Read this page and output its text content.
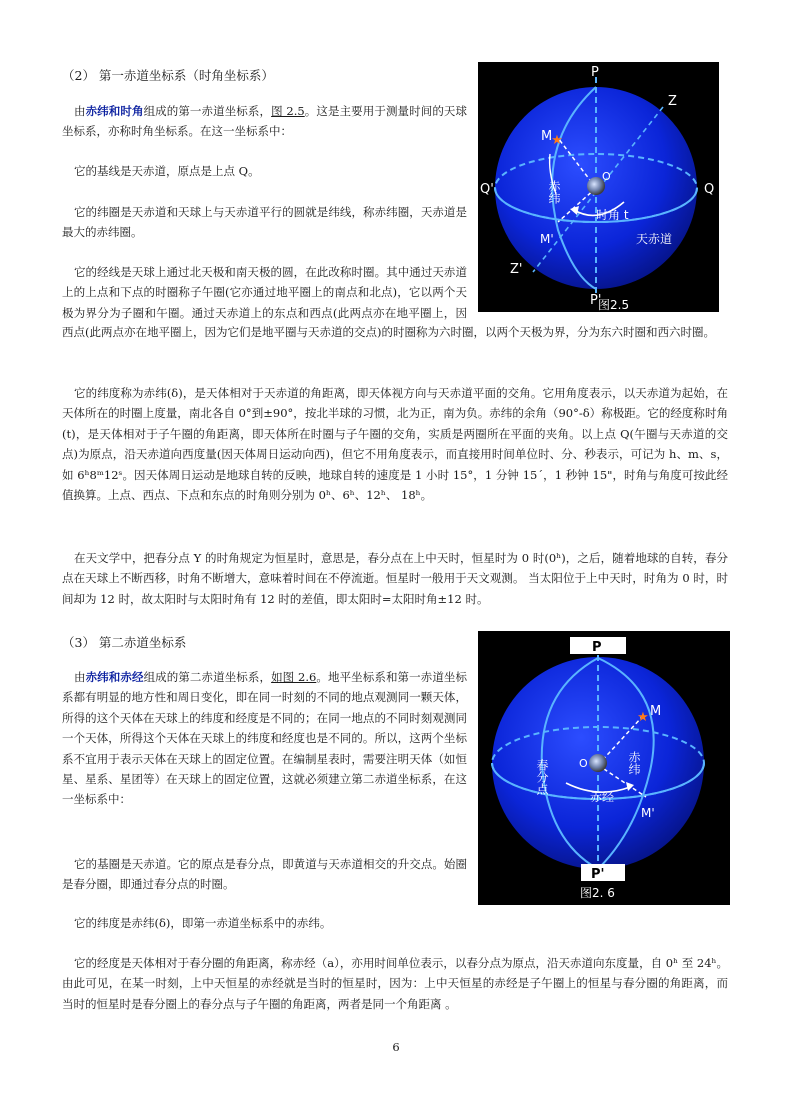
（2） 第一赤道坐标系（时角坐标系）
由赤纬和时角组成的第一赤道坐标系，图 2.5。这是主要用于测量时间的天球坐标系，亦称时角坐标系。在这一坐标系中：
它的基线是天赤道，原点是上点 Q。
它的纬圈是天赤道和天球上与天赤道平行的圆就是纬线，称赤纬圈，天赤道是最大的赤纬圈。
它的经线是天球上通过北天极和南天极的圆，在此改称时圈。其中通过天赤道上的上点和下点的时圈称子午圈(它亦通过地平圈上的南点和北点)，它以两个天极为界分为子圈和午圈。通过天赤道上的东点和西点(此两点亦在地平圈上，因
西点(此两点亦在地平圈上，因为它们是地平圈与天赤道的交点)的时圈称为六时圈，以两个天极为界，分为东六时圈和西六时圈。
它的纬度称为赤纬(δ)，是天体相对于天赤道的角距离，即天体视方向与天赤道平面的交角。它用角度表示，以天赤道为起始，在天体所在的时圈上度量，南北各自 0°到±90°，按北半球的习惯，北为正，南为负。赤纬的余角（90°-δ）称极距。它的经度称时角(t)，是天体相对于子午圈的角距离，即天体所在时圈与子午圈的交角，实质是两圈所在平面的夹角。以上点 Q(午圈与天赤道的交点)为原点，沿天赤道向西度量(因天体周日运动向西)，但它不用角度表示，而直接用时间单位时、分、秒表示，可记为 h、m、s，如 6ʰ8ᵐ12ˢ。因天体周日运动是地球自转的反映，地球自转的速度是 1 小时 15°，1 分钟 15´，1 秒钟 15"，时角与角度可按此经值换算。上点、西点、下点和东点的时角则分别为 0ʰ、6ʰ、12ʰ、 18ʰ。
在天文学中，把春分点 Y 的时角规定为恒星时，意思是，春分点在上中天时，恒星时为 0 时(0ʰ)，之后，随着地球的自转，春分点在天球上不断西移，时角不断增大，意味着时间在不停流逝。恒星时一般用于天文观测。 当太阳位于上中天时，时角为 0 时，时间却为 12 时，故太阳时与太阳时角有 12 时的差值，即太阳时=太阳时角±12 时。
★
P
Z
M
Q'	Q
O
赤纬
时角 t
M'	天赤道
Z'
P'
图2.5
（3） 第二赤道坐标系
由赤纬和赤经组成的第二赤道坐标系，如图 2.6。地平坐标系和第一赤道坐标系都有明显的地方性和周日变化，即在同一时刻的不同的地点观测同一颗天体，所得的这个天体在天球上的纬度和经度是不同的；在同一地点的不同时刻观测同一个天体，所得这个天体在天球上的纬度和经度也是不同的。所以，这两个坐标系不宜用于表示天体在天球上的固定位置。在编制星表时，需要注明天体（如恒星、星系、星团等）在天球上的固定位置，这就必须建立第二赤道坐标系，在这一坐标系中：
它的基圈是天赤道。它的原点是春分点，即黄道与天赤道相交的升交点。始圈是春分圈，即通过春分点的时圈。
它的纬度是赤纬(δ)，即第一赤道坐标系中的赤纬。
它的经度是天体相对于春分圈的角距离，称赤经（a），亦用时间单位表示，以春分点为原点，沿天赤道向东度量，自 0ʰ 至 24ʰ。由此可见，在某一时刻，上中天恒星的赤经就是当时的恒星时，因为：上中天恒星的赤经是子午圈上的恒星与春分圈的角距离，而当时的恒星时是春分圈上的春分点与子午圈的角距离，两者是同一个角距离 。
★
P
M
春分点	O	赤纬
赤经
M'
P'
图2. 6
6
